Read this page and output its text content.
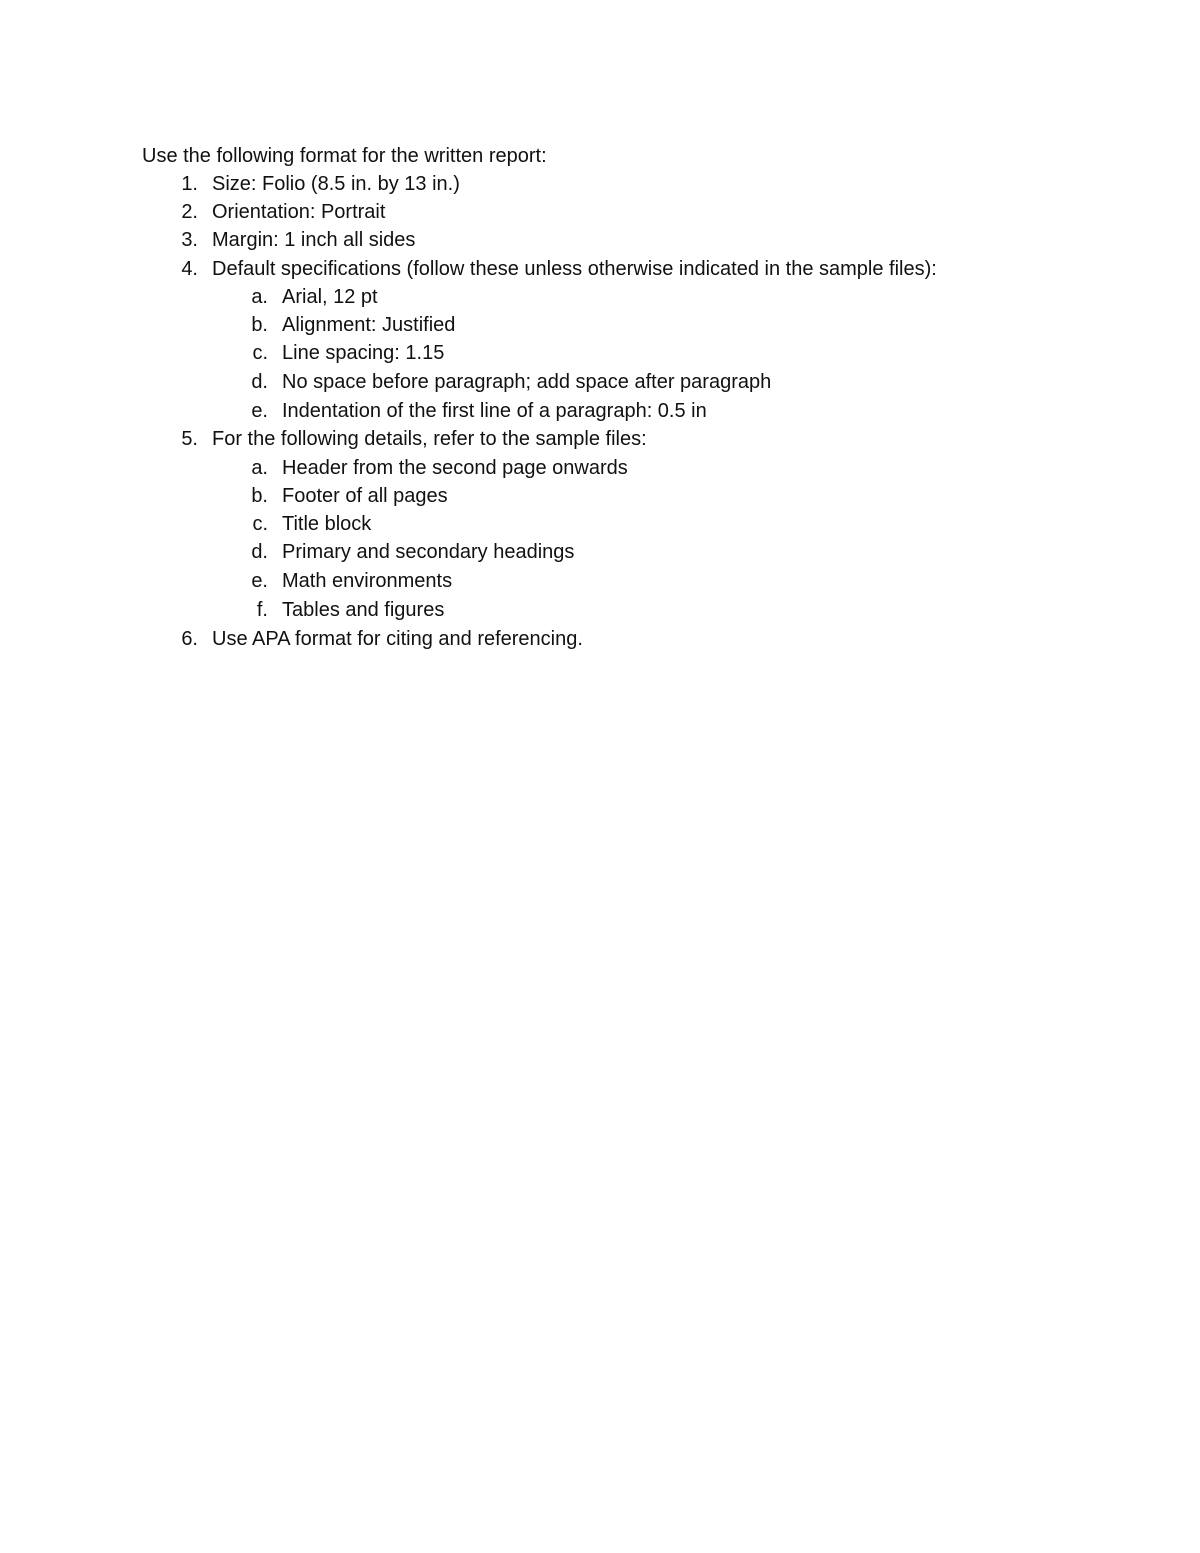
Use the following format for the written report:
1. Size: Folio (8.5 in. by 13 in.)
2. Orientation: Portrait
3. Margin: 1 inch all sides
4. Default specifications (follow these unless otherwise indicated in the sample files):
a. Arial, 12 pt
b. Alignment: Justified
c. Line spacing: 1.15
d. No space before paragraph; add space after paragraph
e. Indentation of the first line of a paragraph: 0.5 in
5. For the following details, refer to the sample files:
a. Header from the second page onwards
b. Footer of all pages
c. Title block
d. Primary and secondary headings
e. Math environments
f. Tables and figures
6. Use APA format for citing and referencing.
